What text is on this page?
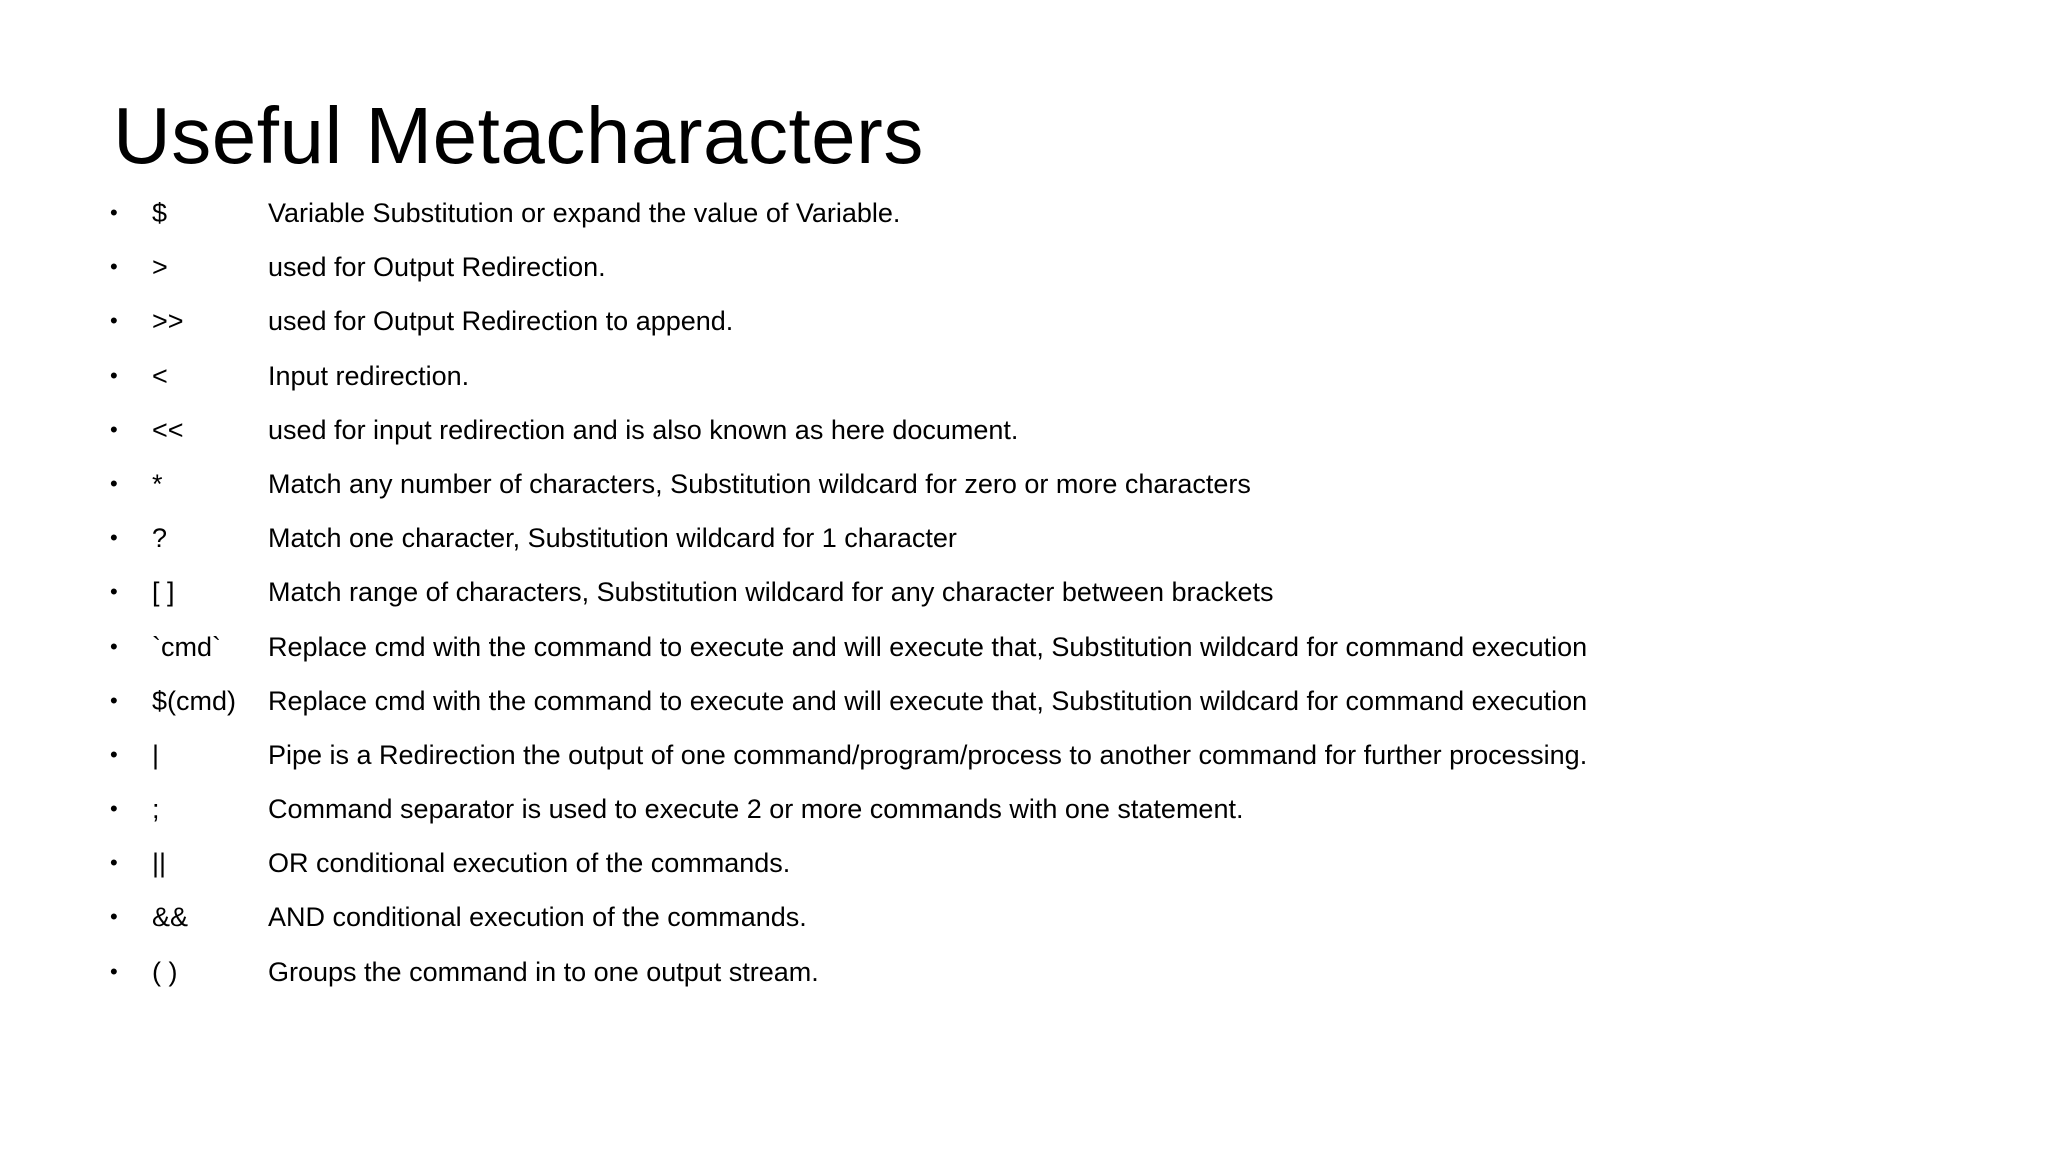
Useful Metacharacters
• $	Variable Substitution or expand the value of Variable.
• >	used for Output Redirection.
• >>	used for Output Redirection to append.
• <	Input redirection.
• <<	used for input redirection and is also known as here document.
• *	Match any number of characters, Substitution wildcard for zero or more characters
• ?	Match one character, Substitution wildcard for 1 character
• [ ]	Match range of characters, Substitution wildcard for any character between brackets
• `cmd` Replace cmd with the command to execute and will execute that, Substitution wildcard for command execution
• $(cmd) Replace cmd with the command to execute and will execute that, Substitution wildcard for command execution
• |	Pipe is a Redirection the output of one command/program/process to another command for further processing.
• ;	Command separator is used to execute 2 or more commands with one statement.
• ||	OR conditional execution of the commands.
• &&	AND conditional execution of the commands.
• ( )	Groups the command in to one output stream.
